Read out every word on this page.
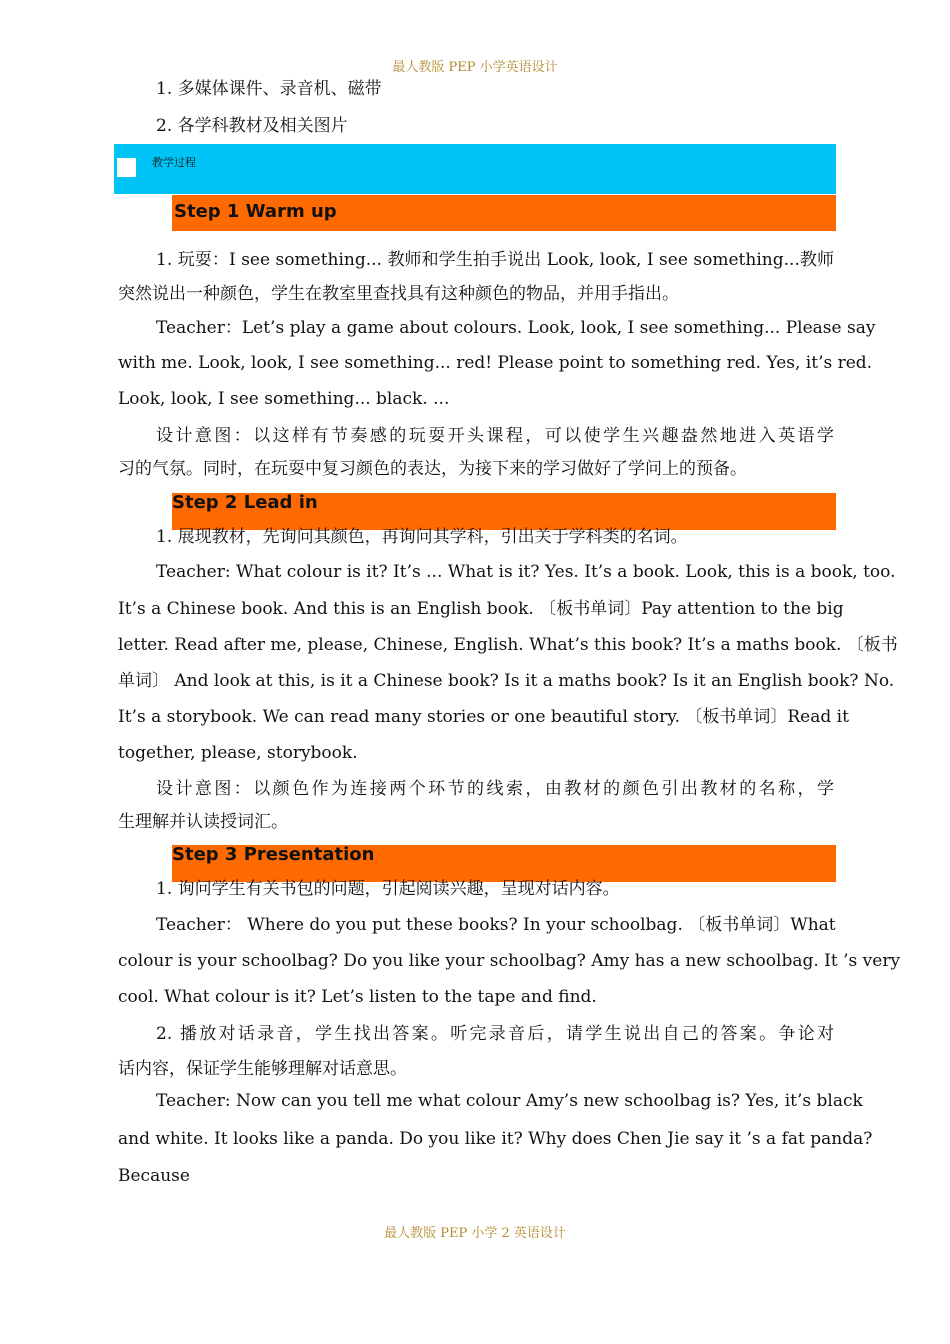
最人教版 PEP 小学英语设计
1. 多媒体课件、录音机、磁带
2. 各学科教材及相关图片
教学过程
Step 1 Warm up
1. 玩耍：I see something... 教师和学生拍手说出 Look, look, I see something...教师
突然说出一种颜色，学生在教室里查找具有这种颜色的物品，并用手指出。
Teacher：Let’s play a game about colours. Look, look, I see something... Please say
with me. Look, look, I see something... red! Please point to something red. Yes, it’s red.
Look, look, I see something... black. ...
设计意图：以这样有节奏感的玩耍开头课程，可以使学生兴趣盎然地进入英语学
习的气氛。同时，在玩耍中复习颜色的表达，为接下来的学习做好了学问上的预备。
Step 2 Lead in
1. 展现教材，先询问其颜色，再询问其学科，引出关于学科类的名词。
Teacher: What colour is it? It’s ... What is it? Yes. It’s a book. Look, this is a book, too.
It’s a Chinese book. And this is an English book. 〔板书单词〕Pay attention to the big
letter. Read after me, please, Chinese, English. What’s this book? It’s a maths book. 〔板书
单词〕 And look at this, is it a Chinese book? Is it a maths book? Is it an English book? No.
It’s a storybook. We can read many stories or one beautiful story. 〔板书单词〕Read it
together, please, storybook.
设计意图：以颜色作为连接两个环节的线索，由教材的颜色引出教材的名称，学
生理解并认读授词汇。
Step 3 Presentation
1. 询问学生有关书包的问题，引起阅读兴趣，呈现对话内容。
Teacher： Where do you put these books? In your schoolbag. 〔板书单词〕What
colour is your schoolbag? Do you like your schoolbag? Amy has a new schoolbag. It ’s very
cool. What colour is it? Let’s listen to the tape and find.
2. 播放对话录音，学生找出答案。听完录音后，请学生说出自己的答案。争论对
话内容，保证学生能够理解对话意思。
Teacher: Now can you tell me what colour Amy’s new schoolbag is? Yes, it’s black
and white. It looks like a panda. Do you like it? Why does Chen Jie say it ’s a fat panda?
Because
最人教版 PEP 小学 2 英语设计
